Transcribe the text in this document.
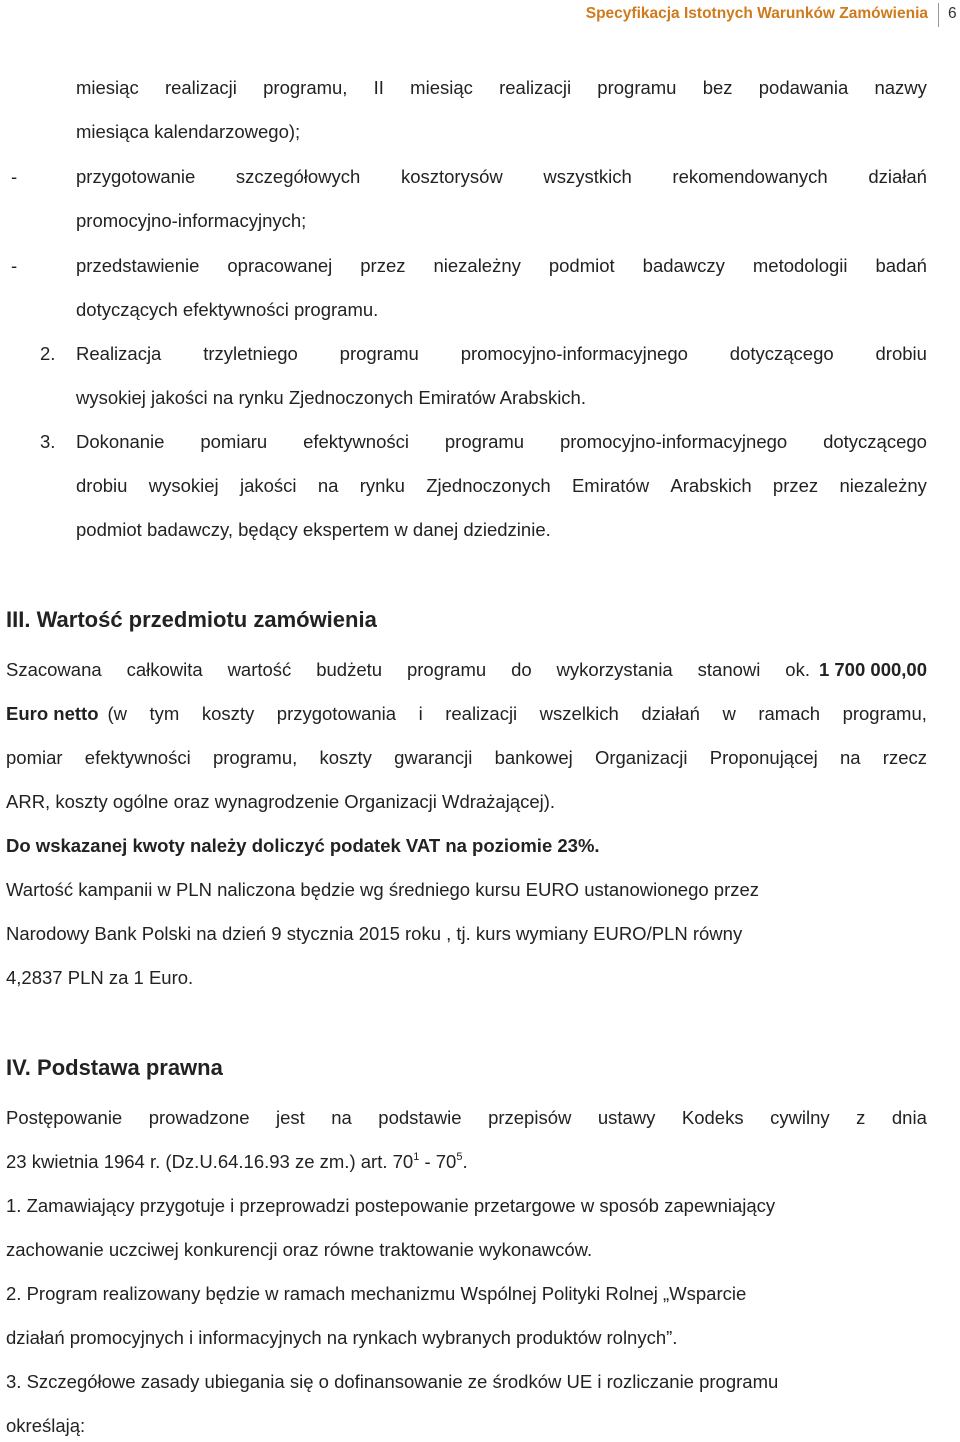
Specyfikacja Istotnych Warunków Zamówienia 6
miesiąc realizacji programu, II miesiąc realizacji programu bez podawania nazwy
miesiąca kalendarzowego);
-	przygotowanie szczegółowych kosztorysów wszystkich rekomendowanych działań
promocyjno-informacyjnych;
-	przedstawienie opracowanej przez niezależny podmiot badawczy metodologii badań
dotyczących efektywności programu.
2. Realizacja trzyletniego programu promocyjno-informacyjnego dotyczącego drobiu
wysokiej jakości na rynku Zjednoczonych Emiratów Arabskich.
3. Dokonanie pomiaru efektywności programu promocyjno-informacyjnego dotyczącego
drobiu wysokiej jakości na rynku Zjednoczonych Emiratów Arabskich przez niezależny
podmiot badawczy, będący ekspertem w danej dziedzinie.
III. Wartość przedmiotu zamówienia
Szacowana całkowita wartość budżetu programu do wykorzystania stanowi ok. 1 700 000,00
Euro netto (w tym koszty przygotowania i realizacji wszelkich działań w ramach programu,
pomiar efektywności programu, koszty gwarancji bankowej Organizacji Proponującej na rzecz
ARR, koszty ogólne oraz wynagrodzenie Organizacji Wdrażającej).
Do wskazanej kwoty należy doliczyć podatek VAT na poziomie 23%.
Wartość kampanii w PLN naliczona będzie wg średniego kursu EURO ustanowionego przez
Narodowy Bank Polski na dzień 9 stycznia 2015 roku , tj. kurs wymiany EURO/PLN równy
4,2837 PLN za 1 Euro.
IV. Podstawa prawna
Postępowanie prowadzone jest na podstawie przepisów ustawy Kodeks cywilny z dnia
23 kwietnia 1964 r. (Dz.U.64.16.93 ze zm.) art. $70^1 - 70^5$.
1. Zamawiający przygotuje i przeprowadzi postepowanie przetargowe w sposób zapewniający
zachowanie uczciwej konkurencji oraz równe traktowanie wykonawców.
2. Program realizowany będzie w ramach mechanizmu Wspólnej Polityki Rolnej „Wsparcie
działań promocyjnych i informacyjnych na rynkach wybranych produktów rolnych”.
3. Szczegółowe zasady ubiegania się o dofinansowanie ze środków UE i rozliczanie programu
określają:
